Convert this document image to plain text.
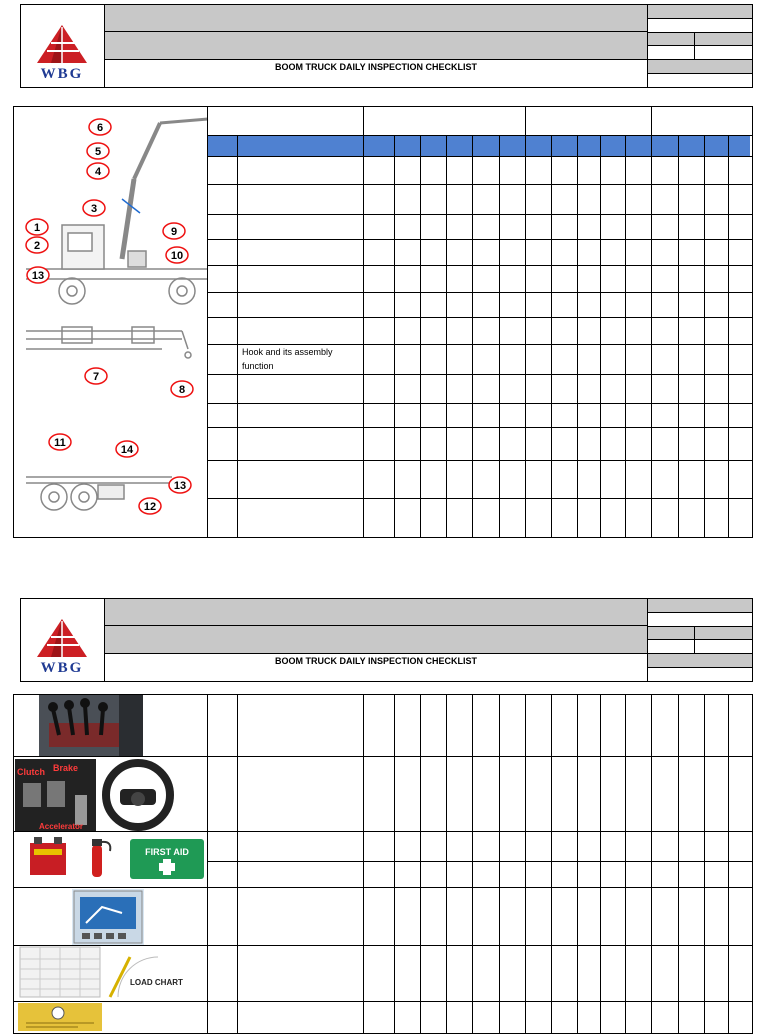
WBG	BOOM TRUCK DAILY INSPECTION CHECKLIST
1
2
3
4
5
6
7
8
9
10
11
12
13
13
14
Hook and its assembly function
WBG	BOOM TRUCK DAILY INSPECTION CHECKLIST
Clutch Brake
Accelerator
FIRST AID
LOAD CHART
